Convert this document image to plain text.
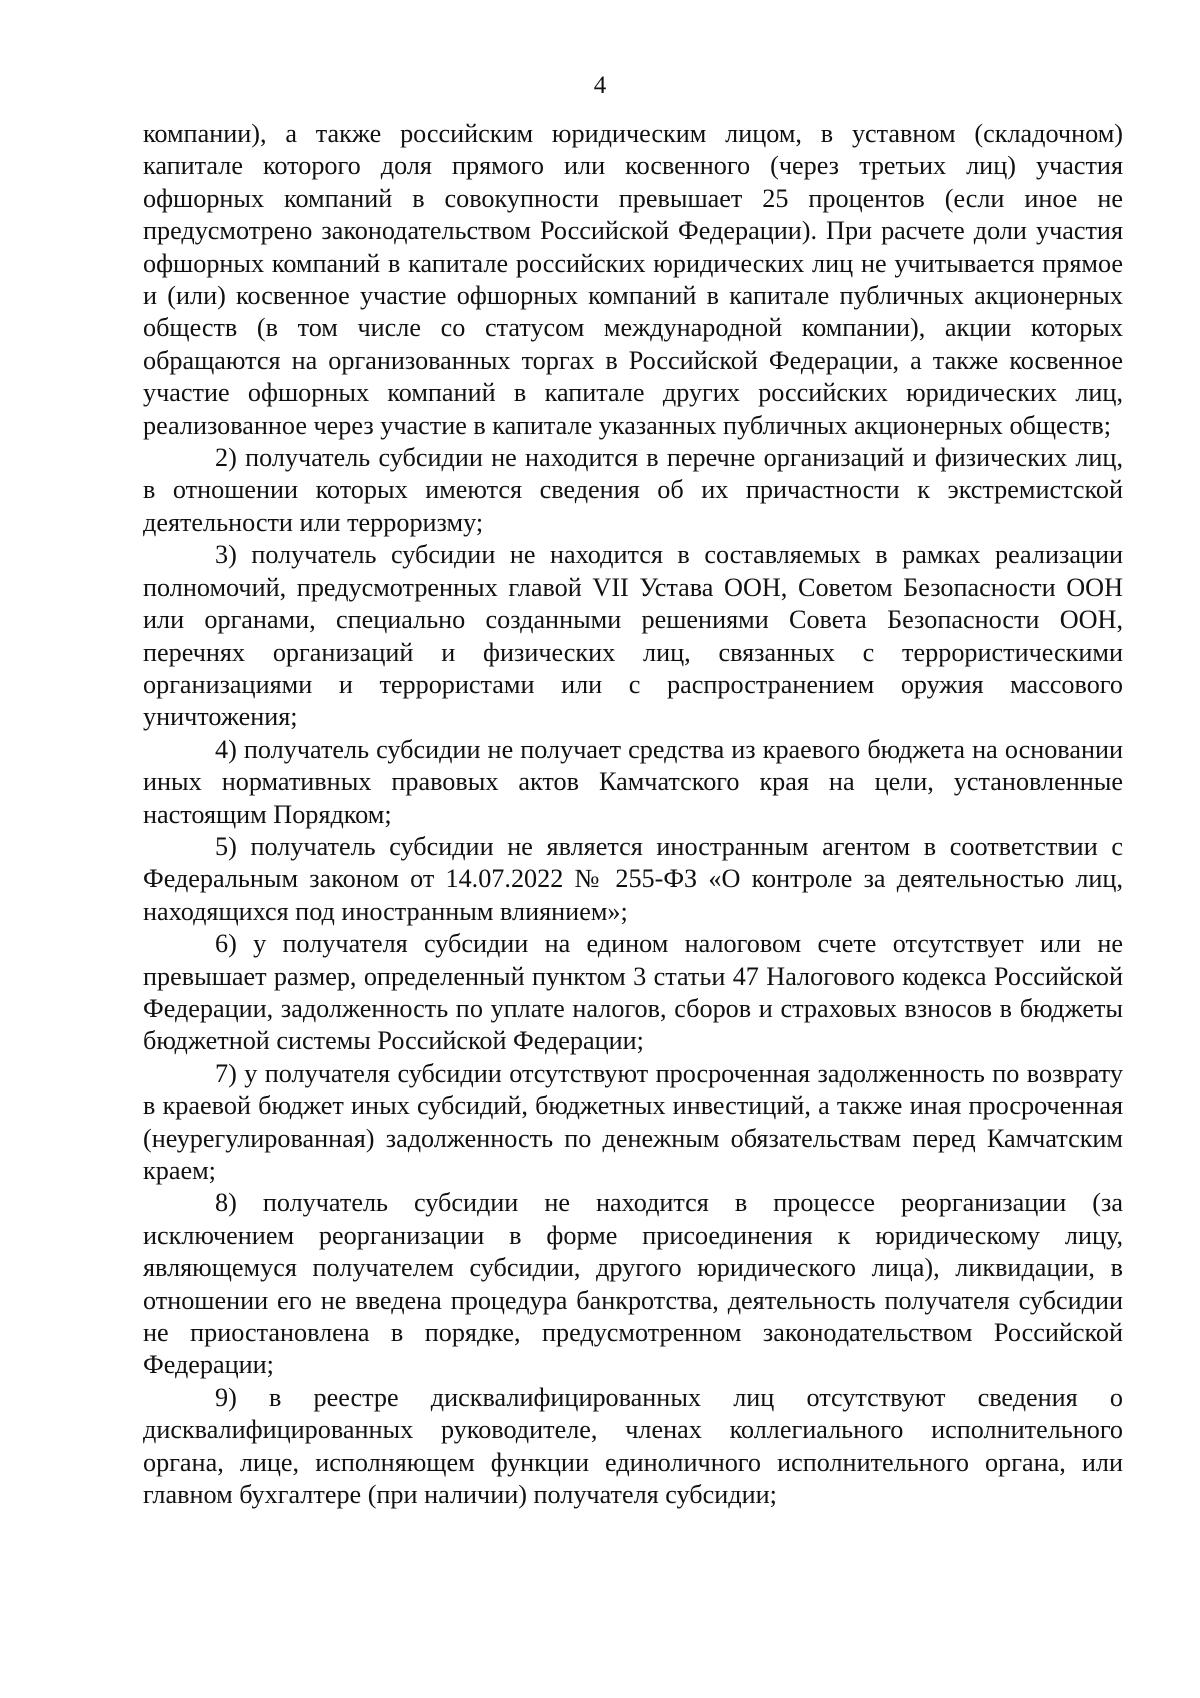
4

компании), а также российским юридическим лицом, в уставном (складочном) капитале которого доля прямого или косвенного (через третьих лиц) участия офшорных компаний в совокупности превышает 25 процентов (если иное не предусмотрено законодательством Российской Федерации). При расчете доли участия офшорных компаний в капитале российских юридических лиц не учитывается прямое и (или) косвенное участие офшорных компаний в капитале публичных акционерных обществ (в том числе со статусом международной компании), акции которых обращаются на организованных торгах в Российской Федерации, а также косвенное участие офшорных компаний в капитале других российских юридических лиц, реализованное через участие в капитале указанных публичных акционерных обществ;

2) получатель субсидии не находится в перечне организаций и физических лиц, в отношении которых имеются сведения об их причастности к экстремистской деятельности или терроризму;

3) получатель субсидии не находится в составляемых в рамках реализации полномочий, предусмотренных главой VII Устава ООН, Советом Безопасности ООН или органами, специально созданными решениями Совета Безопасности ООН, перечнях организаций и физических лиц, связанных с террористическими организациями и террористами или с распространением оружия массового уничтожения;

4) получатель субсидии не получает средства из краевого бюджета на основании иных нормативных правовых актов Камчатского края на цели, установленные настоящим Порядком;

5) получатель субсидии не является иностранным агентом в соответствии с Федеральным законом от 14.07.2022 № 255-ФЗ «О контроле за деятельностью лиц, находящихся под иностранным влиянием»;

6) у получателя субсидии на едином налоговом счете отсутствует или не превышает размер, определенный пунктом 3 статьи 47 Налогового кодекса Российской Федерации, задолженность по уплате налогов, сборов и страховых взносов в бюджеты бюджетной системы Российской Федерации;

7) у получателя субсидии отсутствуют просроченная задолженность по возврату в краевой бюджет иных субсидий, бюджетных инвестиций, а также иная просроченная (неурегулированная) задолженность по денежным обязательствам перед Камчатским краем;

8) получатель субсидии не находится в процессе реорганизации (за исключением реорганизации в форме присоединения к юридическому лицу, являющемуся получателем субсидии, другого юридического лица), ликвидации, в отношении его не введена процедура банкротства, деятельность получателя субсидии не приостановлена в порядке, предусмотренном законодательством Российской Федерации;

9) в реестре дисквалифицированных лиц отсутствуют сведения о дисквалифицированных руководителе, членах коллегиального исполнительного органа, лице, исполняющем функции единоличного исполнительного органа, или главном бухгалтере (при наличии) получателя субсидии;
